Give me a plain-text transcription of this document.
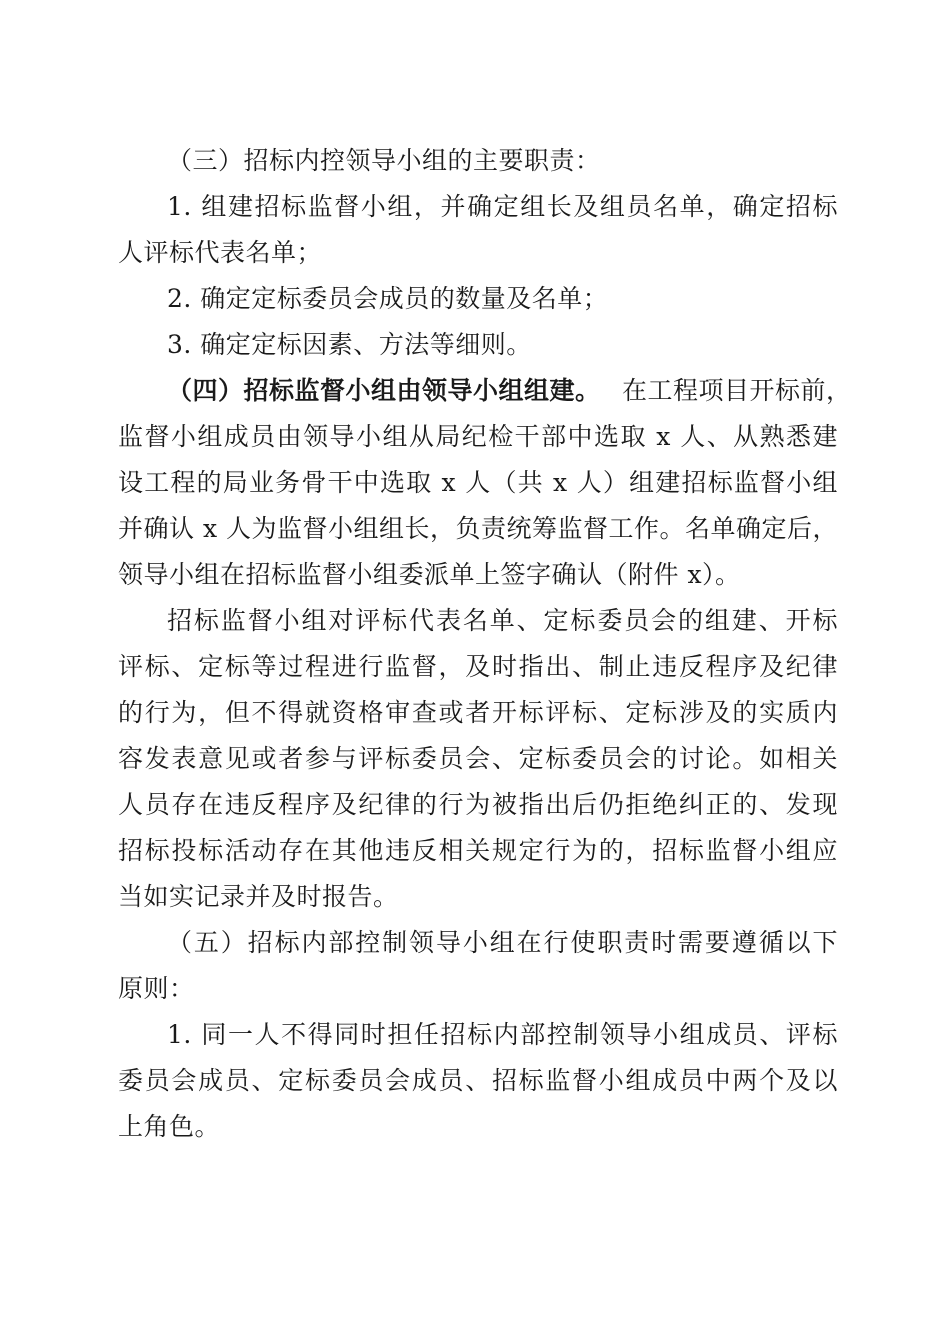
（三）招标内控领导小组的主要职责：
1. 组建招标监督小组，并确定组长及组员名单，确定招标
人评标代表名单；
2. 确定定标委员会成员的数量及名单；
3. 确定定标因素、方法等细则。
（四）招标监督小组由领导小组组建。 在工程项目开标前，
监督小组成员由领导小组从局纪检干部中选取 x 人、从熟悉建
设工程的局业务骨干中选取 x 人（共 x 人）组建招标监督小组
并确认 x 人为监督小组组长，负责统筹监督工作。名单确定后，
领导小组在招标监督小组委派单上签字确认（附件 x）。
招标监督小组对评标代表名单、定标委员会的组建、开标
评标、定标等过程进行监督，及时指出、制止违反程序及纪律
的行为，但不得就资格审查或者开标评标、定标涉及的实质内
容发表意见或者参与评标委员会、定标委员会的讨论。如相关
人员存在违反程序及纪律的行为被指出后仍拒绝纠正的、发现
招标投标活动存在其他违反相关规定行为的，招标监督小组应
当如实记录并及时报告。
（五）招标内部控制领导小组在行使职责时需要遵循以下
原则：
1. 同一人不得同时担任招标内部控制领导小组成员、评标
委员会成员、定标委员会成员、招标监督小组成员中两个及以
上角色。
